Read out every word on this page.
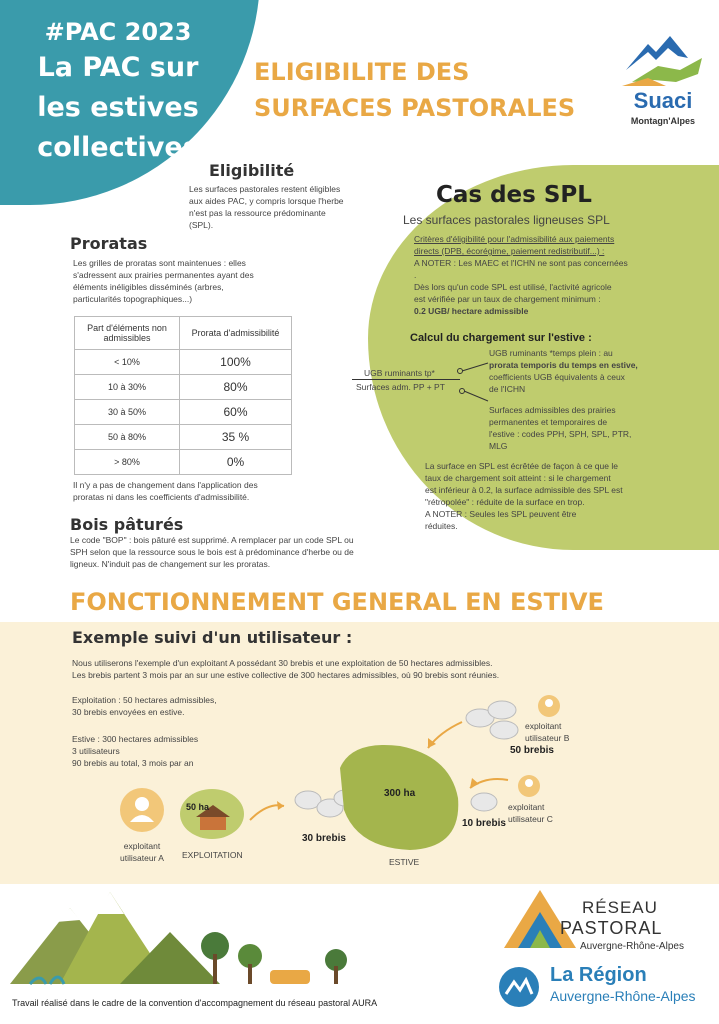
#PAC 2023
La PAC sur
les estives
collectives
ELIGIBILITE DES
SURFACES PASTORALES	Suaci
Montagn'Alpes
Eligibilité
Les surfaces pastorales restent éligibles
aux aides PAC, y compris lorsque l'herbe
n'est pas la ressource prédominante
(SPL).
Proratas
Les grilles de proratas sont maintenues : elles
s'adressent aux prairies permanentes ayant des
éléments inéligibles disséminés (arbres,
particularités topographiques...)
Part d'éléments non
admissibles	Prorata d'admissibilité
< 10%	100%
10 à 30%	80%
30 à 50%	60%
50 à 80%	35 %
> 80%	0%
Il n'y a pas de changement dans l'application des
proratas ni dans les coefficients d'admissibilité.
Bois pâturés
Le code "BOP" : bois pâturé est supprimé. A remplacer par un code SPL ou
SPH selon que la ressource sous le bois est à prédominance d'herbe ou de
ligneux. N'induit pas de changement sur les proratas.
Cas des SPL
Les surfaces pastorales ligneuses SPL
Critères d'éligibilité pour l'admissibilité aux paiements
directs (DPB, écorégime, paiement redistributif...) :
A NOTER : Les MAEC et l'ICHN ne sont pas concernées
.
Dès lors qu'un code SPL est utilisé, l'activité agricole
est vérifiée par un taux de chargement minimum :
0.2 UGB/ hectare admissible
Calcul du chargement sur l'estive :
UGB ruminants tp*
Surfaces adm. PP + PT
UGB ruminants *temps plein : au
prorata temporis du temps en estive,
coefficients UGB équivalents à ceux
de l'ICHN
Surfaces admissibles des prairies
permanentes et temporaires de
l'estive : codes PPH, SPH, SPL, PTR,
MLG
La surface en SPL est écrêtée de façon à ce que le
taux de chargement soit atteint : si le chargement
est inférieur à 0.2, la surface admissible des SPL est
"rétropolée" : réduite de la surface en trop.
A NOTER : Seules les SPL peuvent être
réduites.
FONCTIONNEMENT GENERAL EN ESTIVE
Exemple suivi d'un utilisateur :
Nous utiliserons l'exemple d'un exploitant A possédant 30 brebis et une exploitation de 50 hectares admissibles.
Les brebis partent 3 mois par an sur une estive collective de 300 hectares admissibles, où 90 brebis sont réunies.
Exploitation : 50 hectares admissibles,
30 brebis envoyées en estive.
Estive : 300 hectares admissibles
3 utilisateurs
90 brebis au total, 3 mois par an
50 ha
EXPLOITATION
exploitant
utilisateur A
30 brebis
300 ha
ESTIVE
exploitant
utilisateur B
50 brebis
exploitant
utilisateur C
10 brebis
Travail réalisé dans le cadre de la convention d'accompagnement du réseau pastoral AURA
RÉSEAU
PASTORAL
Auvergne-Rhône-Alpes
La Région
Auvergne-Rhône-Alpes
